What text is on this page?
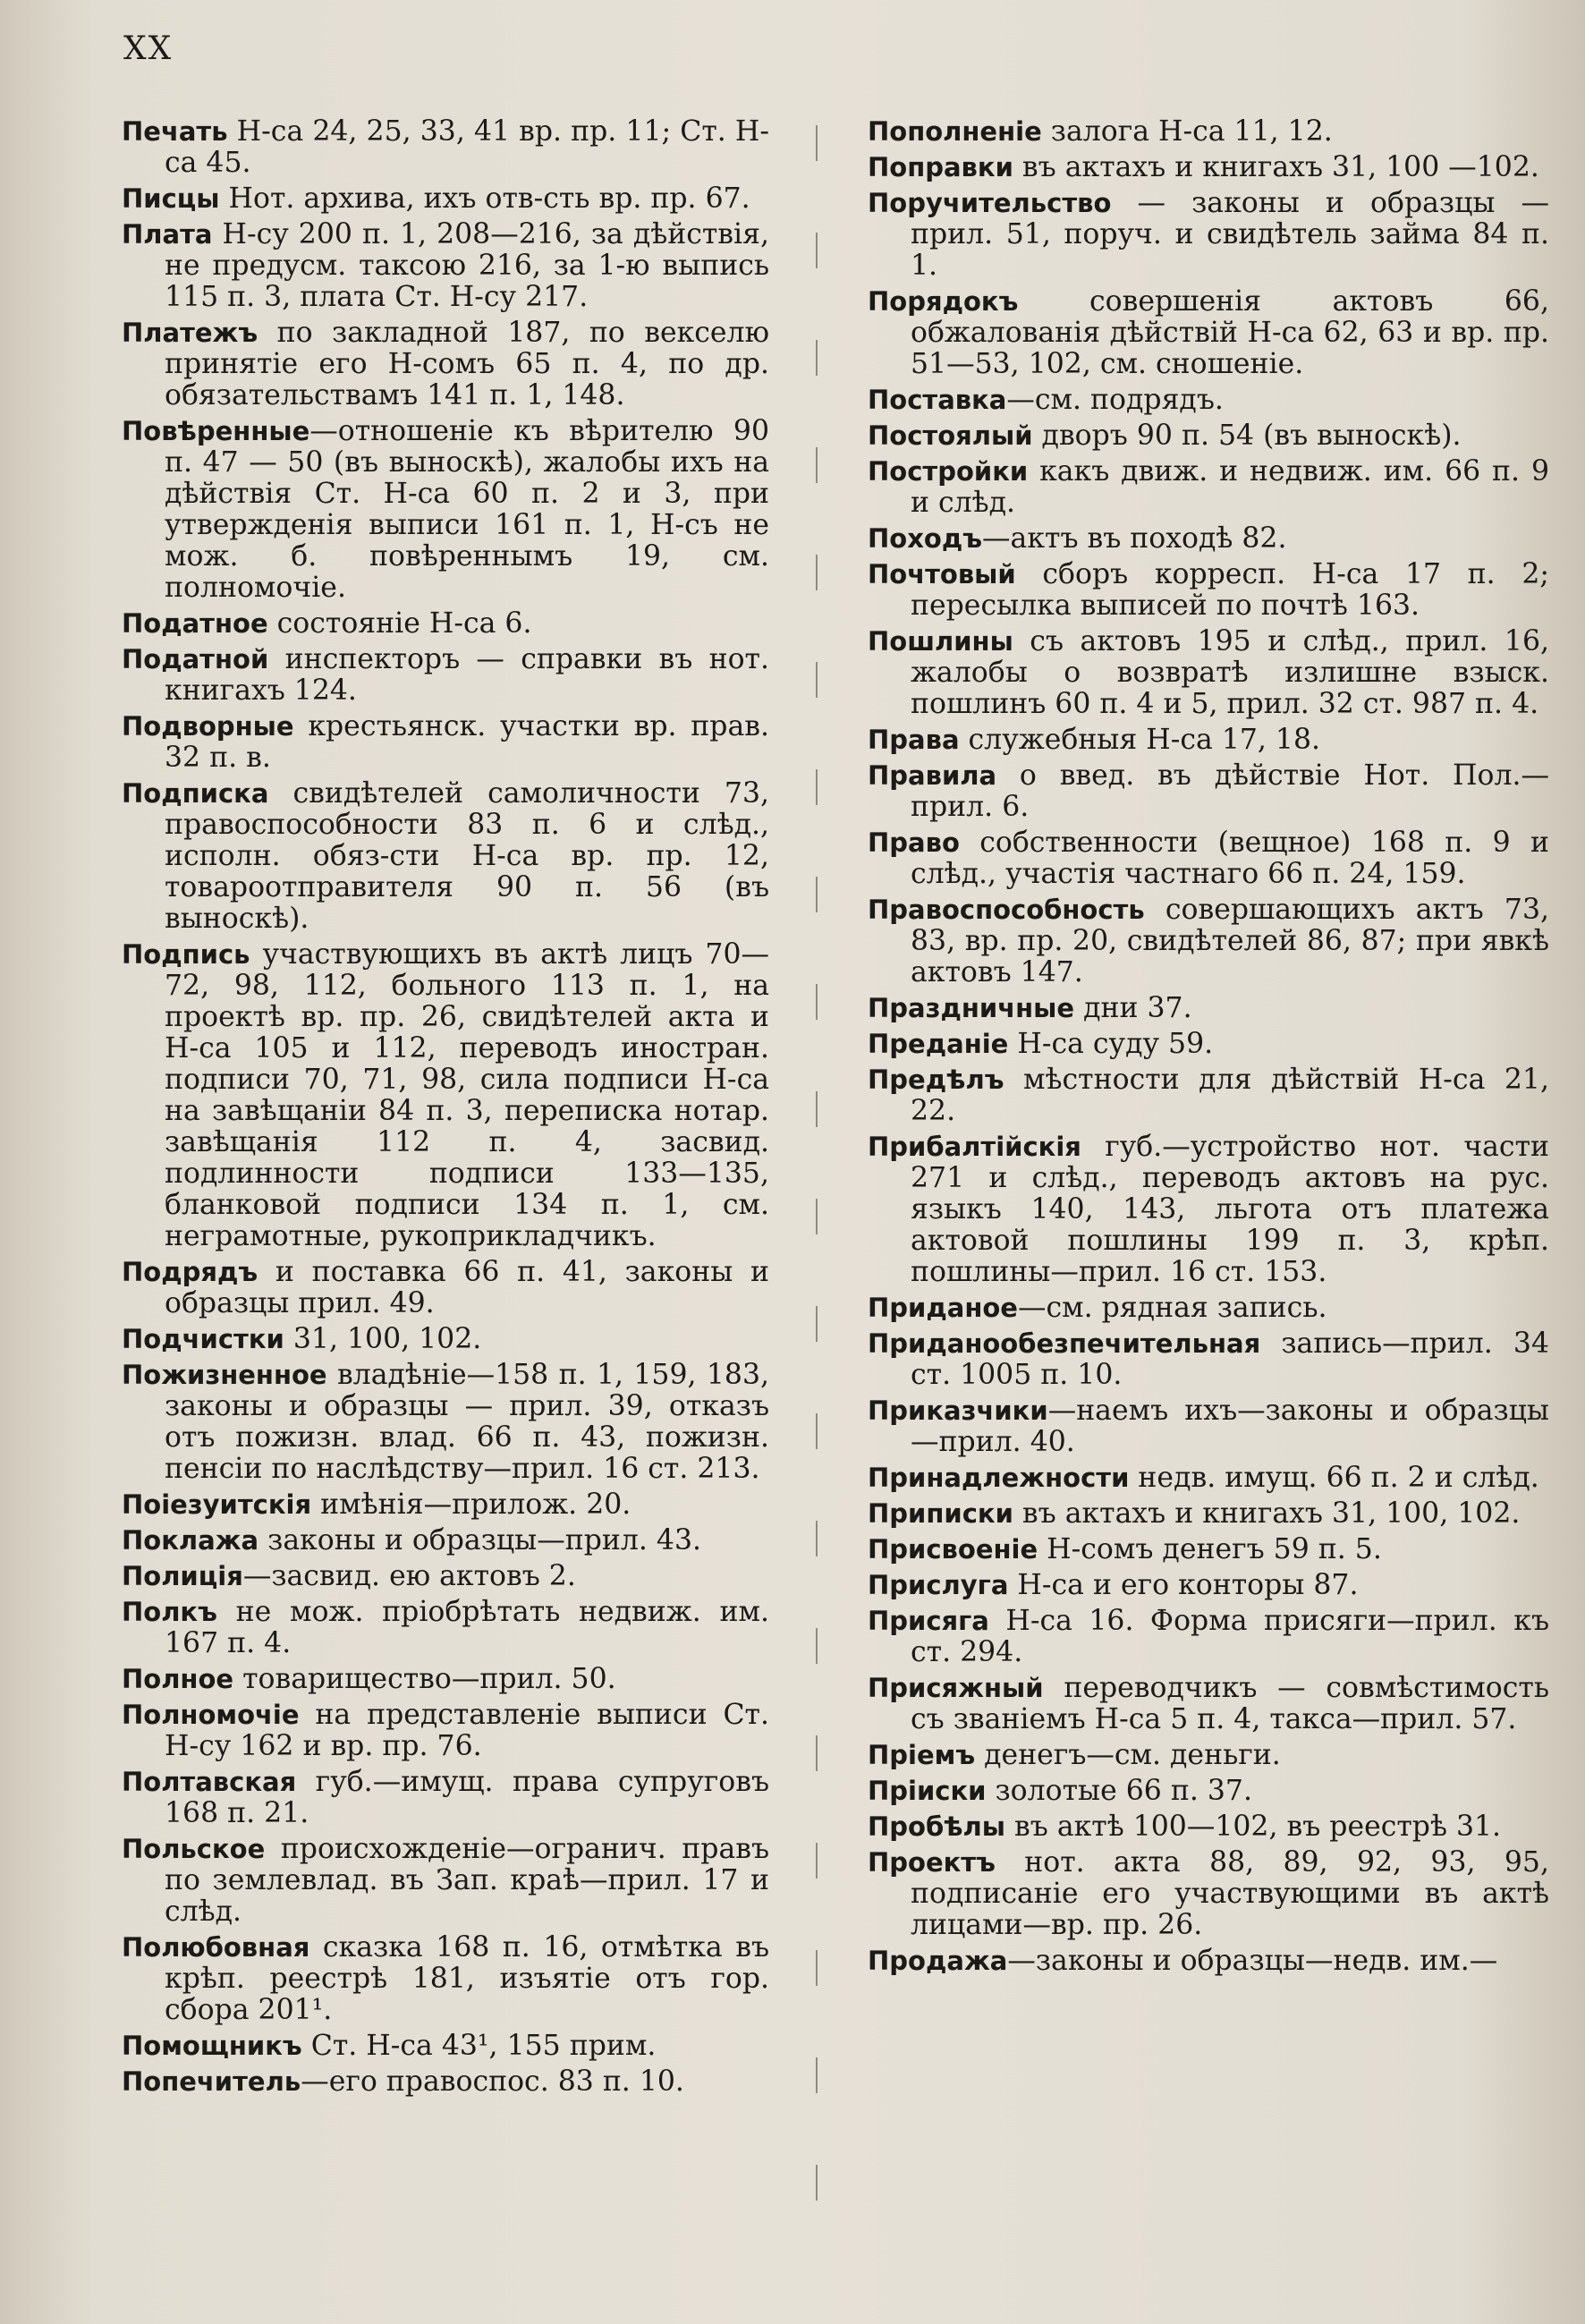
XX

Печать Н-са 24, 25, 33, 41 вр. пр. 11; Ст. Н-са 45.

Писцы Нот. архива, ихъ отв-сть вр. пр. 67.

Плата Н-су 200 п. 1, 208—216, за дѣйствія, не предусм. таксою 216, за 1-ю выпись 115 п. 3, плата Ст. Н-су 217.

Платежъ по закладной 187, по векселю принятіе его Н-сомъ 65 п. 4, по др. обязательствамъ 141 п. 1, 148.

Повѣренные—отношеніе къ вѣрителю 90 п. 47 — 50 (въ выноскѣ), жалобы ихъ на дѣйствія Ст. Н-са 60 п. 2 и 3, при утвержденія выписи 161 п. 1, Н-съ не мож. б. повѣреннымъ 19, см. полномочіе.

Податное состояніе Н-са 6.

Податной инспекторъ — справки въ нот. книгахъ 124.

Подворные крестьянск. участки вр. прав. 32 п. в.

Подписка свидѣтелей самоличности 73, правоспособности 83 п. 6 и слѣд., исполн. обяз-сти Н-са вр. пр. 12, товароотправителя 90 п. 56 (въ выноскѣ).

Подпись участвующихъ въ актѣ лицъ 70—72, 98, 112, больного 113 п. 1, на проектѣ вр. пр. 26, свидѣтелей акта и Н-са 105 и 112, переводъ иностран. подписи 70, 71, 98, сила подписи Н-са на завѣщаніи 84 п. 3, переписка нотар. завѣщанія 112 п. 4, засвид. подлинности подписи 133—135, бланковой подписи 134 п. 1, см. неграмотные, рукоприкладчикъ.

Подрядъ и поставка 66 п. 41, законы и образцы прил. 49.

Подчистки 31, 100, 102.

Пожизненное владѣніе—158 п. 1, 159, 183, законы и образцы — прил. 39, отказъ отъ пожизн. влад. 66 п. 43, пожизн. пенсіи по наслѣдству—прил. 16 ст. 213.

Поіезуитскія имѣнія—прилож. 20.

Поклажа законы и образцы—прил. 43.

Полиція—засвид. ею актовъ 2.

Полкъ не мож. пріобрѣтать недвиж. им. 167 п. 4.

Полное товарищество—прил. 50.

Полномочіе на представленіе выписи Ст. Н-су 162 и вр. пр. 76.

Полтавская губ.—имущ. права супруговъ 168 п. 21.

Польское происхожденіе—огранич. правъ по землевлад. въ Зап. краѣ—прил. 17 и слѣд.

Полюбовная сказка 168 п. 16, отмѣтка въ крѣп. реестрѣ 181, изъятіе отъ гор. сбора 201¹.

Помощникъ Ст. Н-са 43¹, 155 прим.

Попечитель—его правоспос. 83 п. 10.

Пополненіе залога Н-са 11, 12.

Поправки въ актахъ и книгахъ 31, 100 —102.

Поручительство — законы и образцы — прил. 51, поруч. и свидѣтель займа 84 п. 1.

Порядокъ совершенія актовъ 66, обжалованія дѣйствій Н-са 62, 63 и вр. пр. 51—53, 102, см. сношеніе.

Поставка—см. подрядъ.

Постоялый дворъ 90 п. 54 (въ выноскѣ).

Постройки какъ движ. и недвиж. им. 66 п. 9 и слѣд.

Походъ—актъ въ походѣ 82.

Почтовый сборъ корресп. Н-са 17 п. 2; пересылка выписей по почтѣ 163.

Пошлины съ актовъ 195 и слѣд., прил. 16, жалобы о возвратѣ излишне взыск. пошлинъ 60 п. 4 и 5, прил. 32 ст. 987 п. 4.

Права служебныя Н-са 17, 18.

Правила о введ. въ дѣйствіе Нот. Пол.— прил. 6.

Право собственности (вещное) 168 п. 9 и слѣд., участія частнаго 66 п. 24, 159.

Правоспособность совершающихъ актъ 73, 83, вр. пр. 20, свидѣтелей 86, 87; при явкѣ актовъ 147.

Праздничные дни 37.

Преданіе Н-са суду 59.

Предѣлъ мѣстности для дѣйствій Н-са 21, 22.

Прибалтійскія губ.—устройство нот. части 271 и слѣд., переводъ актовъ на рус. языкъ 140, 143, льгота отъ платежа актовой пошлины 199 п. 3, крѣп. пошлины—прил. 16 ст. 153.

Приданое—см. рядная запись.

Приданообезпечительная запись—прил. 34 ст. 1005 п. 10.

Приказчики—наемъ ихъ—законы и образцы—прил. 40.

Принадлежности недв. имущ. 66 п. 2 и слѣд.

Приписки въ актахъ и книгахъ 31, 100, 102.

Присвоеніе Н-сомъ денегъ 59 п. 5.

Прислуга Н-са и его конторы 87.

Присяга Н-са 16. Форма присяги—прил. къ ст. 294.

Присяжный переводчикъ — совмѣстимость съ званіемъ Н-са 5 п. 4, такса—прил. 57.

Пріемъ денегъ—см. деньги.

Пріиски золотые 66 п. 37.

Пробѣлы въ актѣ 100—102, въ реестрѣ 31.

Проектъ нот. акта 88, 89, 92, 93, 95, подписаніе его участвующими въ актѣ лицами—вр. пр. 26.

Продажа—законы и образцы—недв. им.—
